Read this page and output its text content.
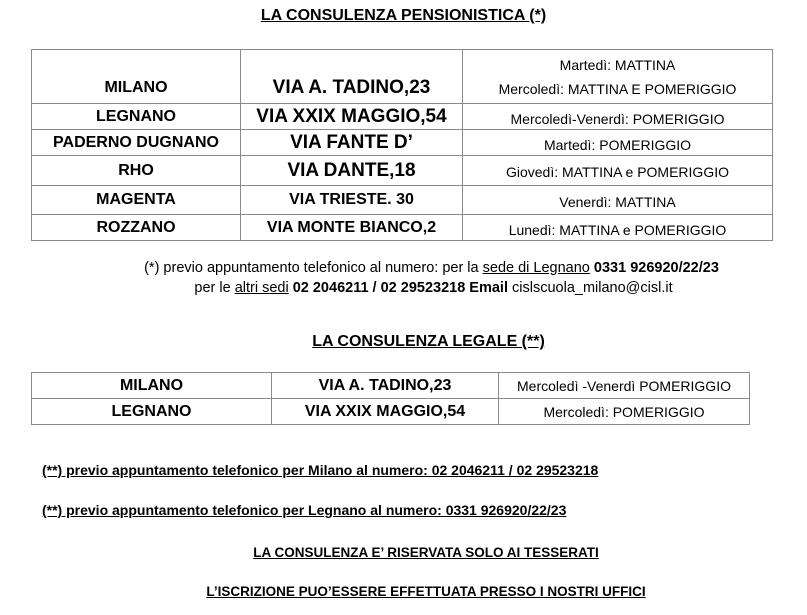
LA CONSULENZA PENSIONISTICA (*)
MILANO	VIA A. TADINO,23	Martedì: MATTINA
Mercoledì: MATTINA E POMERIGGIO

LEGNANO	VIA XXIX MAGGIO,54	Mercoledì-Venerdì: POMERIGGIO
PADERNO DUGNANO	VIA FANTE D’	Martedì: POMERIGGIO
RHO	VIA DANTE,18	Giovedì: MATTINA e POMERIGGIO
MAGENTA	VIA TRIESTE. 30	Venerdì: MATTINA
ROZZANO	VIA MONTE BIANCO,2	Lunedì: MATTINA e POMERIGGIO
(*) previo appuntamento telefonico al numero: per la sede di Legnano 0331 926920/22/23
per le altri sedi 02 2046211 / 02 29523218 Email cislscuola_milano@cisl.it
LA CONSULENZA LEGALE (**)
MILANO	VIA A. TADINO,23	Mercoledì -Venerdì POMERIGGIO
LEGNANO	VIA XXIX MAGGIO,54	Mercoledì: POMERIGGIO
(**) previo appuntamento telefonico per Milano al numero: 02 2046211 / 02 29523218
(**) previo appuntamento telefonico per Legnano al numero: 0331 926920/22/23
LA CONSULENZA E’ RISERVATA SOLO AI TESSERATI
L’ISCRIZIONE PUO’ESSERE EFFETTUATA PRESSO I NOSTRI UFFICI
